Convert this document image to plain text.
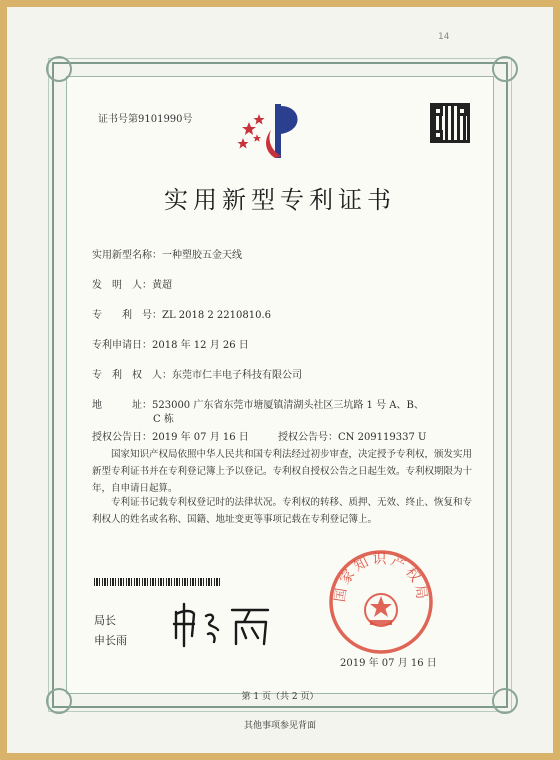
14
证书号第9101990号
实用新型专利证书
实用新型名称：一种塑胶五金天线
发　明　人：黄超
专　　利　号：ZL 2018 2 2210810.6
专利申请日：2018 年 12 月 26 日
专　利　权　人：东莞市仁丰电子科技有限公司
地　　　址：523000 广东省东莞市塘厦镇清湖头社区三坑路 1 号 A、B、
C 栋
授权公告日：2019 年 07 月 16 日	授权公告号：CN 209119337 U
国家知识产权局依照中华人民共和国专利法经过初步审查，决定授予专利权，颁发实用新型专利证书并在专利登记簿上予以登记。专利权自授权公告之日起生效。专利权期限为十年，自申请日起算。
专利证书记载专利权登记时的法律状况。专利权的转移、质押、无效、终止、恢复和专利权人的姓名或名称、国籍、地址变更等事项记载在专利登记簿上。
局长
申长雨
国家知识产权局
2019 年 07 月 16 日
第 1 页（共 2 页）
其他事项参见背面
